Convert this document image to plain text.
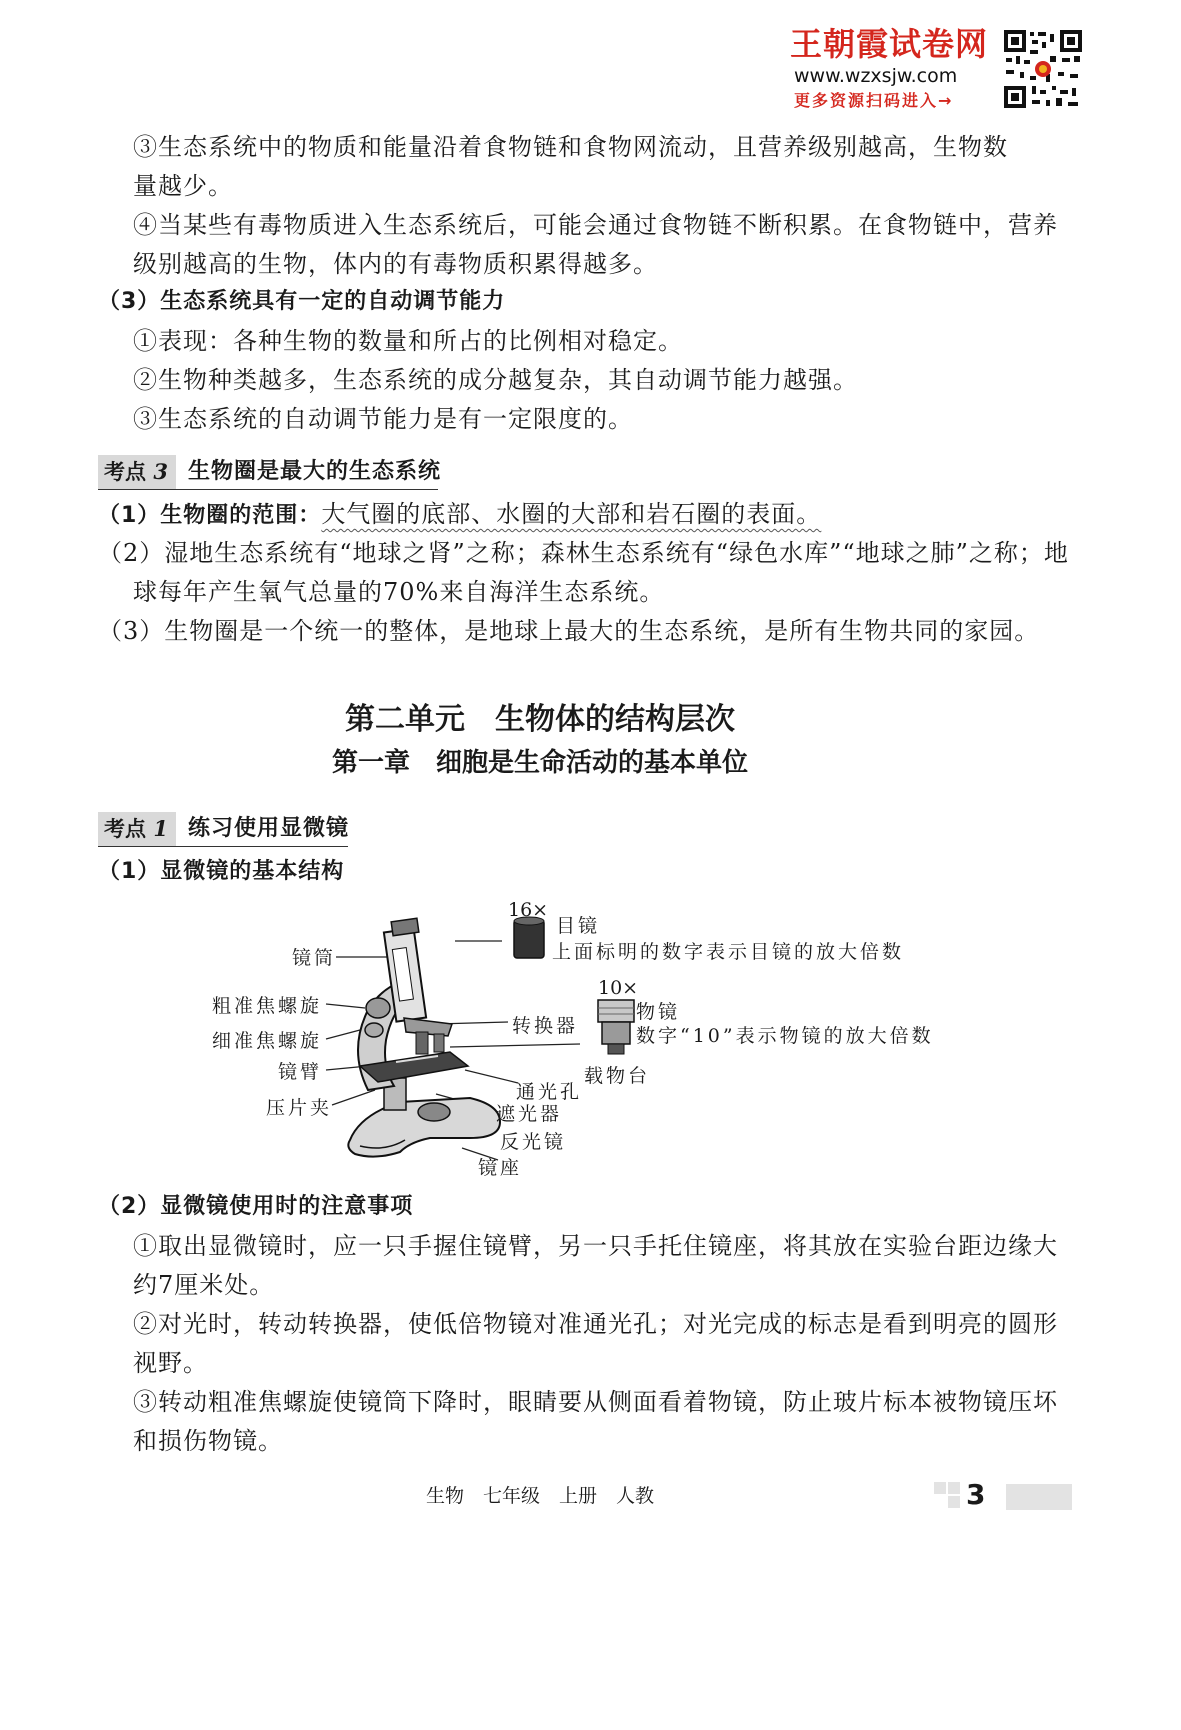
王朝霞试卷网
www.wzxsjw.com
更多资源扫码进入→
③生态系统中的物质和能量沿着食物链和食物网流动，且营养级别越高，生物数
量越少。
④当某些有毒物质进入生态系统后，可能会通过食物链不断积累。在食物链中，营养
级别越高的生物，体内的有毒物质积累得越多。
（3）生态系统具有一定的自动调节能力
①表现：各种生物的数量和所占的比例相对稳定。
②生物种类越多，生态系统的成分越复杂，其自动调节能力越强。
③生态系统的自动调节能力是有一定限度的。
考点 3 生物圈是最大的生态系统
（1）生物圈的范围：大气圈的底部、水圈的大部和岩石圈的表面。
（2）湿地生态系统有“地球之肾”之称；森林生态系统有“绿色水库”“地球之肺”之称；地
球每年产生氧气总量的70%来自海洋生态系统。
（3）生物圈是一个统一的整体，是地球上最大的生态系统，是所有生物共同的家园。
第二单元　生物体的结构层次
第一章　细胞是生命活动的基本单位
考点 1 练习使用显微镜
（1）显微镜的基本结构
镜筒
粗准焦螺旋
细准焦螺旋
镜臂
压片夹
16×
目镜
上面标明的数字表示目镜的放大倍数
10×
物镜
数字“10”表示物镜的放大倍数
转换器
载物台
通光孔
遮光器
反光镜
镜座
（2）显微镜使用时的注意事项
①取出显微镜时，应一只手握住镜臂，另一只手托住镜座，将其放在实验台距边缘大
约7厘米处。
②对光时，转动转换器，使低倍物镜对准通光孔；对光完成的标志是看到明亮的圆形
视野。
③转动粗准焦螺旋使镜筒下降时，眼睛要从侧面看着物镜，防止玻片标本被物镜压坏
和损伤物镜。
生物　七年级　上册　人教	3
